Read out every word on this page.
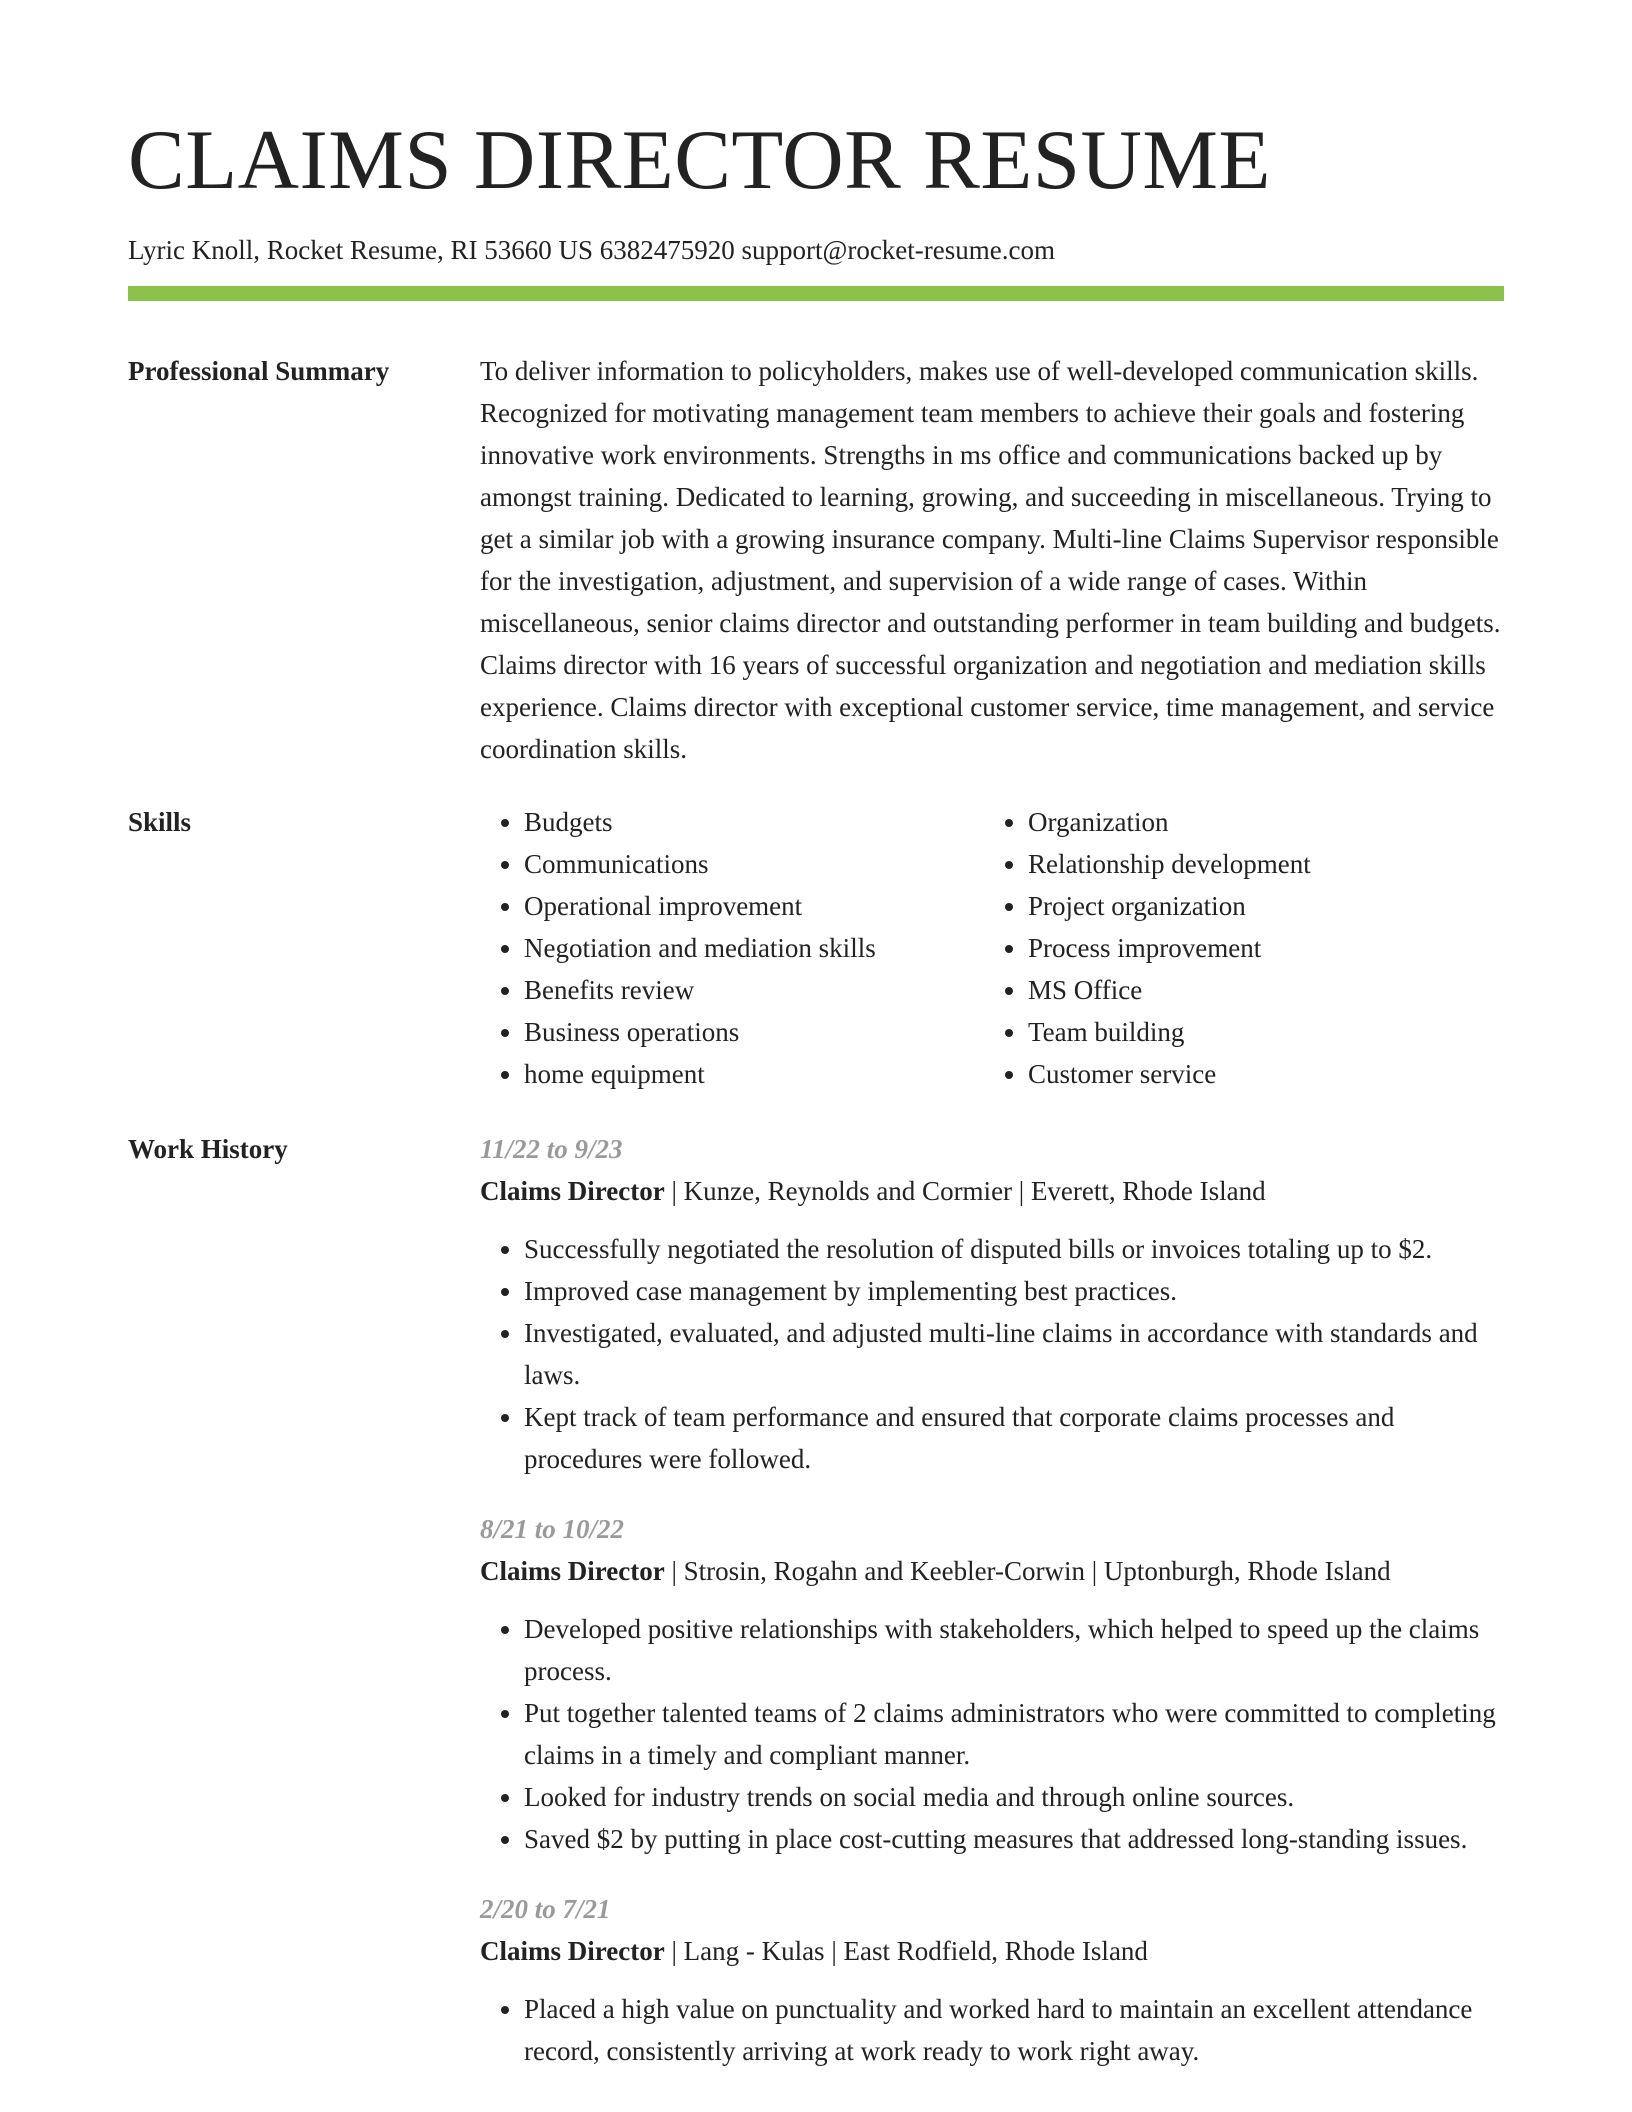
CLAIMS DIRECTOR RESUME
Lyric Knoll, Rocket Resume, RI 53660 US 6382475920 support@rocket-resume.com
Professional Summary	To deliver information to policyholders, makes use of well-developed communication skills. Recognized for motivating management team members to achieve their goals and fostering innovative work environments. Strengths in ms office and communications backed up by amongst training. Dedicated to learning, growing, and succeeding in miscellaneous. Trying to get a similar job with a growing insurance company. Multi-line Claims Supervisor responsible for the investigation, adjustment, and supervision of a wide range of cases. Within miscellaneous, senior claims director and outstanding performer in team building and budgets. Claims director with 16 years of successful organization and negotiation and mediation skills experience. Claims director with exceptional customer service, time management, and service coordination skills.

Skills
•	Budgets
• Communications
• Operational improvement
• Negotiation and mediation skills
• Benefits review
• Business operations
• home equipment
• Organization
• Relationship development
• Project organization
• Process improvement
• MS Office
• Team building
• Customer service
Work History	11/22 to 9/23
Claims Director | Kunze, Reynolds and Cormier | Everett, Rhode Island
• Successfully negotiated the resolution of disputed bills or invoices totaling up to $2.
• Improved case management by implementing best practices.
• Investigated, evaluated, and adjusted multi-line claims in accordance with standards and laws.
• Kept track of team performance and ensured that corporate claims processes and procedures were followed.
8/21 to 10/22
Claims Director | Strosin, Rogahn and Keebler-Corwin | Uptonburgh, Rhode Island
• Developed positive relationships with stakeholders, which helped to speed up the claims process.
• Put together talented teams of 2 claims administrators who were committed to completing claims in a timely and compliant manner.
• Looked for industry trends on social media and through online sources.
• Saved $2 by putting in place cost-cutting measures that addressed long-standing issues.
2/20 to 7/21
Claims Director | Lang - Kulas | East Rodfield, Rhode Island
• Placed a high value on punctuality and worked hard to maintain an excellent attendance record, consistently arriving at work ready to work right away.
